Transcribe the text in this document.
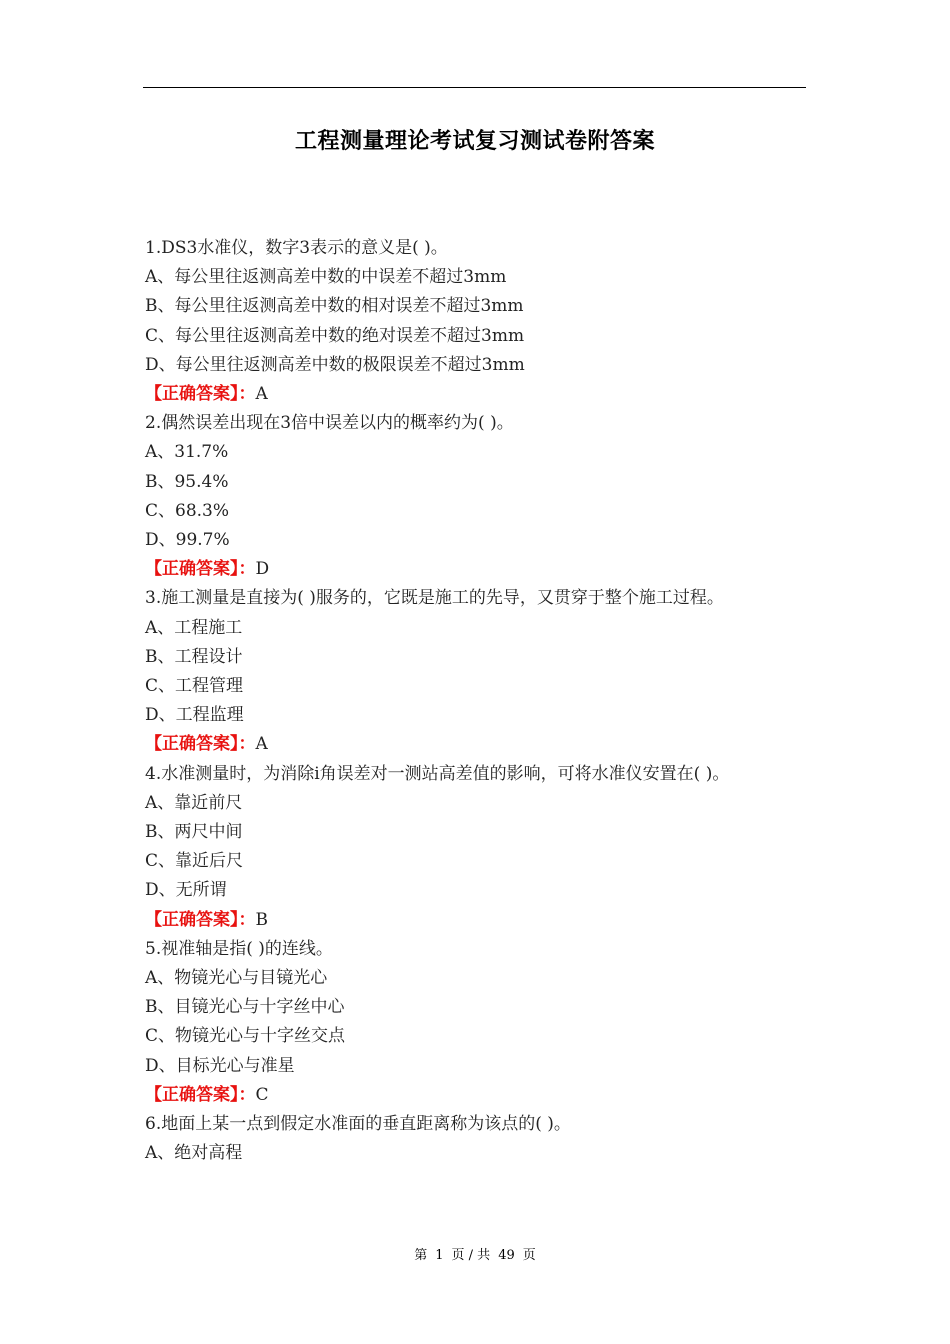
工程测量理论考试复习测试卷附答案

1.DS3水准仪，数字3表示的意义是( )。

A、每公里往返测高差中数的中误差不超过3mm

B、每公里往返测高差中数的相对误差不超过3mm

C、每公里往返测高差中数的绝对误差不超过3mm

D、每公里往返测高差中数的极限误差不超过3mm

【正确答案】：A

2.偶然误差出现在3倍中误差以内的概率约为( )。

A、31.7%

B、95.4%

C、68.3%

D、99.7%

【正确答案】：D

3.施工测量是直接为( )服务的，它既是施工的先导，又贯穿于整个施工过程。

A、工程施工

B、工程设计

C、工程管理

D、工程监理

【正确答案】：A

4.水准测量时，为消除i角误差对一测站高差值的影响，可将水准仪安置在( )。

A、靠近前尺

B、两尺中间

C、靠近后尺

D、无所谓

【正确答案】：B

5.视准轴是指( )的连线。

A、物镜光心与目镜光心

B、目镜光心与十字丝中心

C、物镜光心与十字丝交点

D、目标光心与准星

【正确答案】：C

6.地面上某一点到假定水准面的垂直距离称为该点的( )。

A、绝对高程

第 1 页 / 共 49 页
